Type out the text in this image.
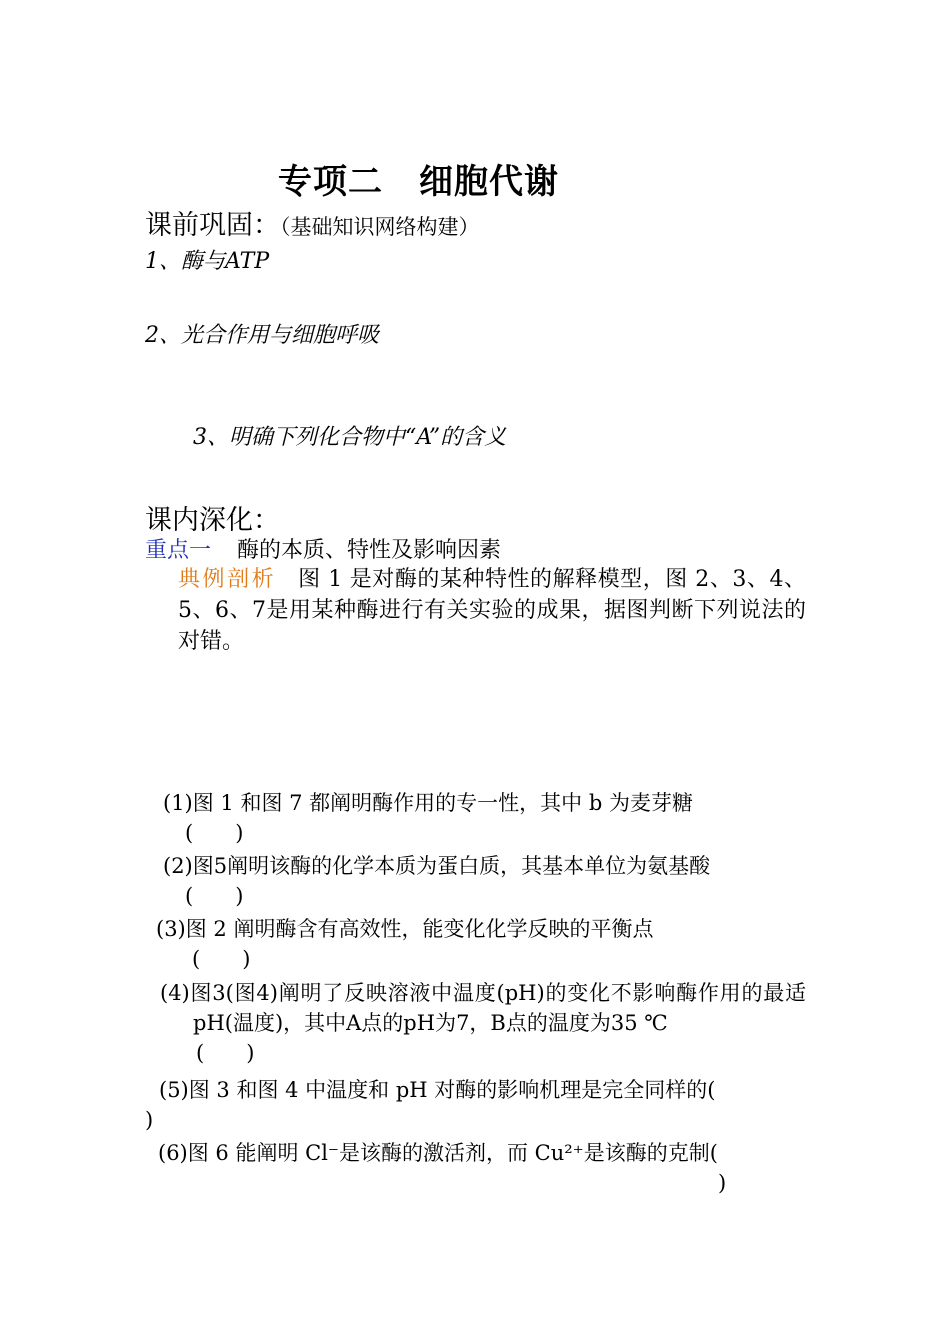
专项二 细胞代谢
课前巩固：（基础知识网络构建）
1、酶与ATP
2、光合作用与细胞呼吸
3、明确下列化合物中“A”的含义
课内深化：
重点一 酶的本质、特性及影响因素
典例剖析 图 1 是对酶的某种特性的解释模型，图 2、3、4、5、6、7是用某种酶进行有关实验的成果，据图判断下列说法的对错。
(1)图 1 和图 7 都阐明酶作用的专一性，其中 b 为麦芽糖
(　　)
(2)图5阐明该酶的化学本质为蛋白质，其基本单位为氨基酸
(　　)
(3)图 2 阐明酶含有高效性，能变化化学反映的平衡点
(　　)
(4)图3(图4)阐明了反映溶液中温度(pH)的变化不影响酶作用的最适pH(温度)，其中A点的pH为7，B点的温度为35 ℃
(　　)
(5)图 3 和图 4 中温度和 pH 对酶的影响机理是完全同样的(
)
(6)图 6 能阐明 Cl⁻是该酶的激活剂，而 Cu²⁺是该酶的克制(
)
